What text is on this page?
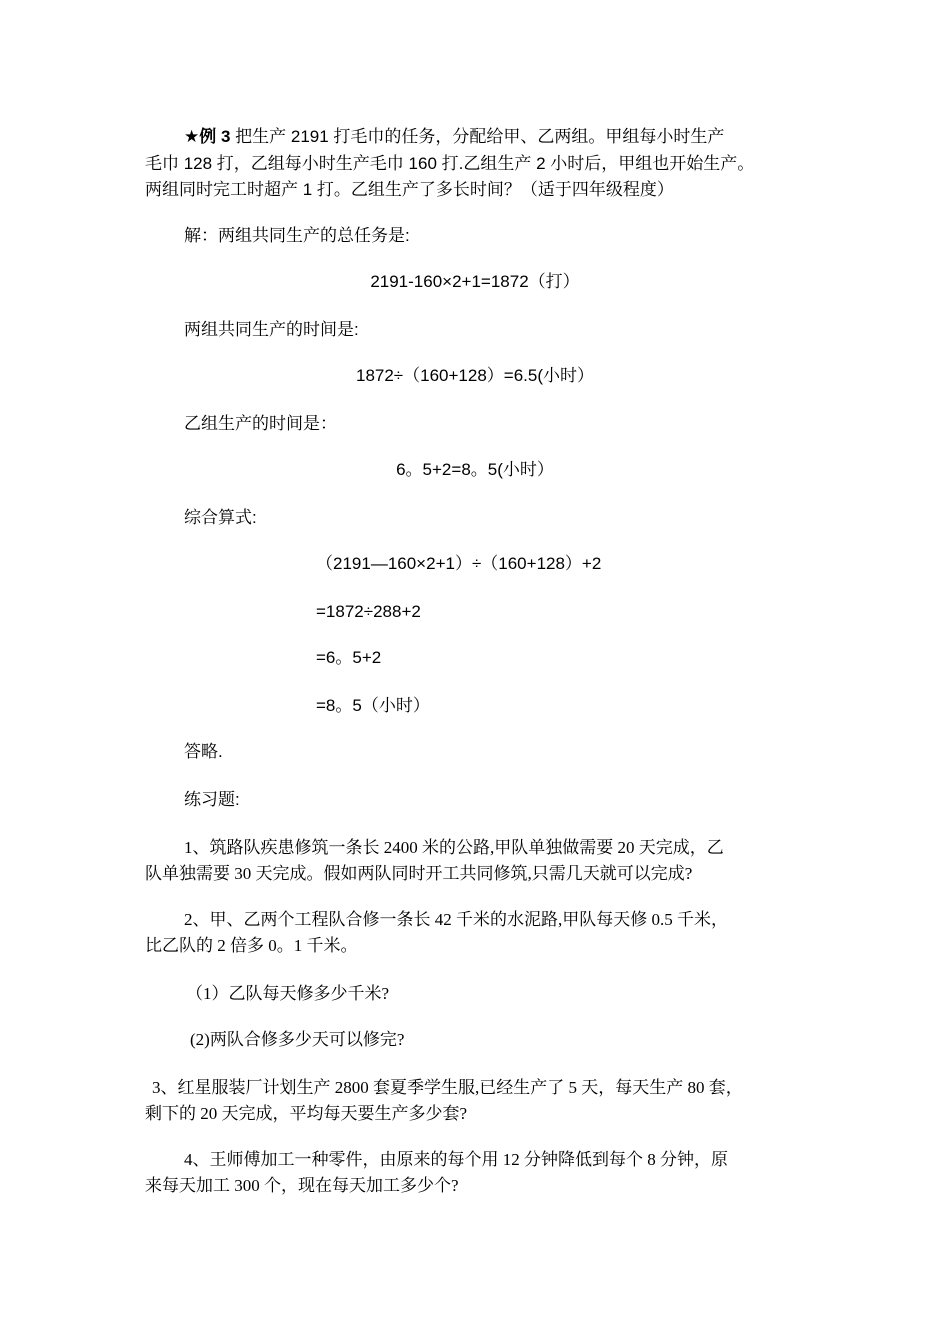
★例 3 把生产 2191 打毛巾的任务，分配给甲、乙两组。甲组每小时生产
毛巾 128 打，乙组每小时生产毛巾 160 打.乙组生产 2 小时后，甲组也开始生产。
两组同时完工时超产 1 打。乙组生产了多长时间？（适于四年级程度）
解：两组共同生产的总任务是:
2191-160×2+1=1872（打）
两组共同生产的时间是:
1872÷（160+128）=6.5(小时）
乙组生产的时间是：
6。5+2=8。5(小时）
综合算式:
（2191—160×2+1）÷（160+128）+2
=1872÷288+2
=6。5+2
=8。5（小时）
答略.
练习题:
1、筑路队疾患修筑一条长 2400 米的公路,甲队单独做需要 20 天完成，乙
队单独需要 30 天完成。假如两队同时开工共同修筑,只需几天就可以完成?
2、甲、乙两个工程队合修一条长 42 千米的水泥路,甲队每天修 0.5 千米，
比乙队的 2 倍多 0。1 千米。
（1）乙队每天修多少千米?
(2)两队合修多少天可以修完?
3、红星服装厂计划生产 2800 套夏季学生服,已经生产了 5 天，每天生产 80 套，
剩下的 20 天完成，平均每天要生产多少套?
4、王师傅加工一种零件，由原来的每个用 12 分钟降低到每个 8 分钟，原
来每天加工 300 个，现在每天加工多少个?
